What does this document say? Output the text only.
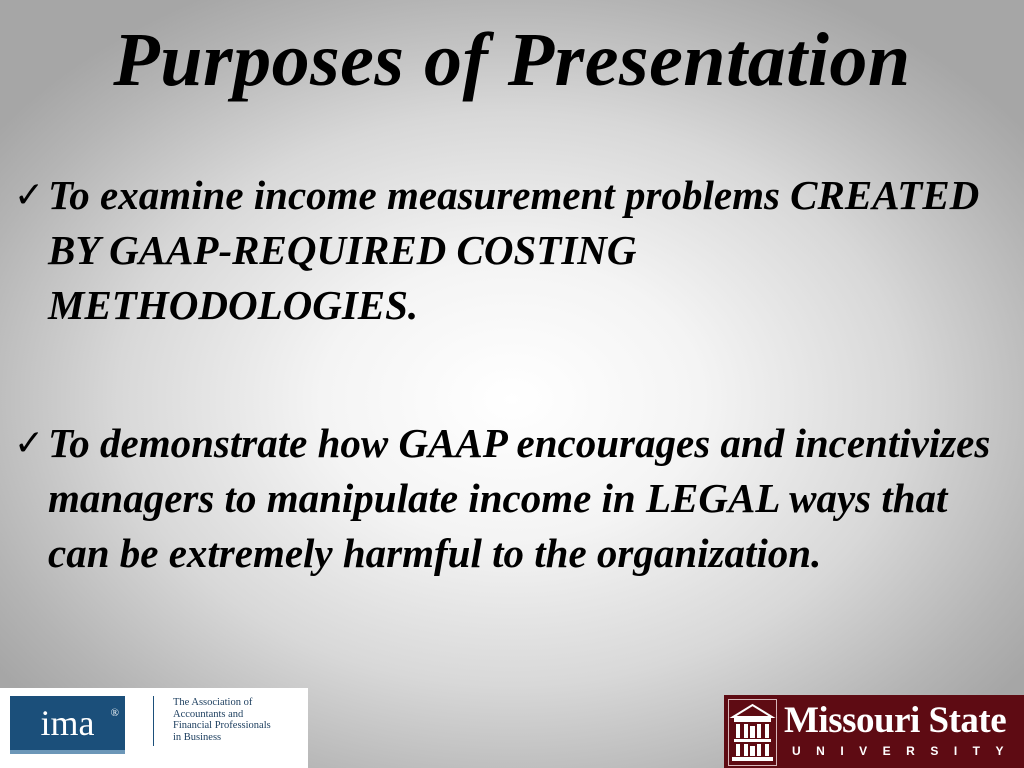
Purposes of Presentation
✓ To examine income measurement problems CREATED BY GAAP-REQUIRED COSTING METHODOLOGIES.
✓ To demonstrate how GAAP encourages and incentivizes managers to manipulate income in LEGAL ways that can be extremely harmful to the organization.
ima ®

The Association of
Accountants and
Financial Professionals
in Business	Missouri State

UNIVERSITY
